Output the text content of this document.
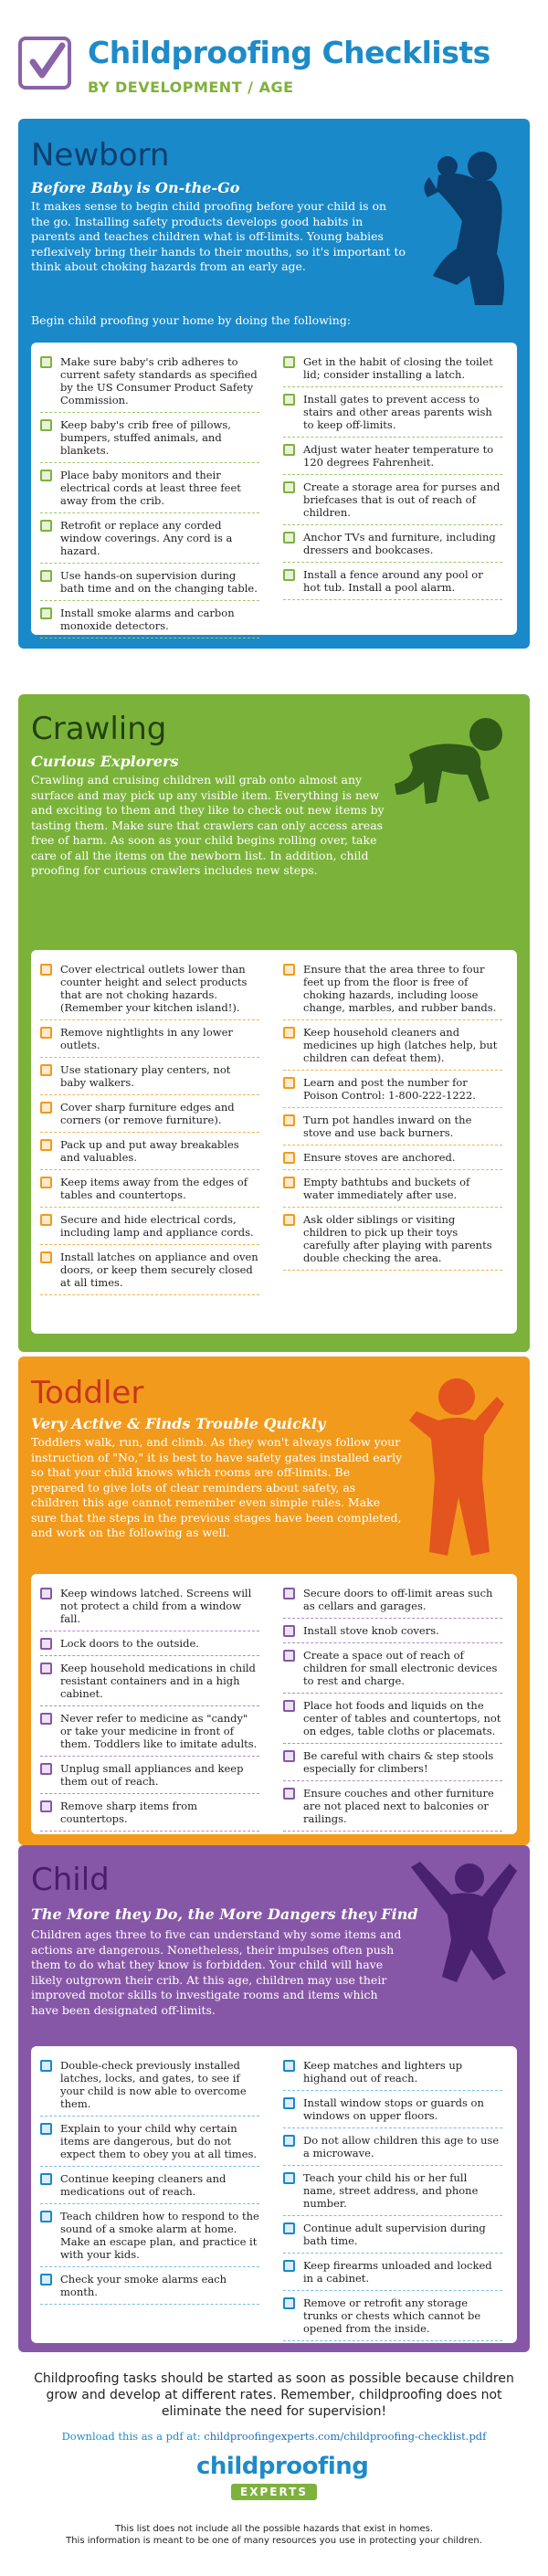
Childproofing Checklists
BY DEVELOPMENT / AGE
Newborn
Before Baby is On-the-Go
It makes sense to begin child proofing before your child is on the go. Installing safety products develops good habits in parents and teaches children what is off-limits. Young babies reflexively bring their hands to their mouths, so it's important to think about choking hazards from an early age.
Begin child proofing your home by doing the following:
Make sure baby's crib adheres to current safety standards as specified by the US Consumer Product Safety Commission.
Keep baby's crib free of pillows, bumpers, stuffed animals, and blankets.
Place baby monitors and their electrical cords at least three feet away from the crib.
Retrofit or replace any corded window coverings. Any cord is a hazard.
Use hands-on supervision during bath time and on the changing table.
Install smoke alarms and carbon monoxide detectors.
Get in the habit of closing the toilet lid; consider installing a latch.
Install gates to prevent access to stairs and other areas parents wish to keep off-limits.
Adjust water heater temperature to 120 degrees Fahrenheit.
Create a storage area for purses and briefcases that is out of reach of children.
Anchor TVs and furniture, including dressers and bookcases.
Install a fence around any pool or hot tub. Install a pool alarm.
Crawling
Curious Explorers
Crawling and cruising children will grab onto almost any surface and may pick up any visible item. Everything is new and exciting to them and they like to check out new items by tasting them. Make sure that crawlers can only access areas free of harm. As soon as your child begins rolling over, take care of all the items on the newborn list. In addition, child proofing for curious crawlers includes new steps.
Cover electrical outlets lower than counter height and select products that are not choking hazards. (Remember your kitchen island!).
Remove nightlights in any lower outlets.
Use stationary play centers, not baby walkers.
Cover sharp furniture edges and corners (or remove furniture).
Pack up and put away breakables and valuables.
Keep items away from the edges of tables and countertops.
Secure and hide electrical cords, including lamp and appliance cords.
Install latches on appliance and oven doors, or keep them securely closed at all times.
Ensure that the area three to four feet up from the floor is free of choking hazards, including loose change, marbles, and rubber bands.
Keep household cleaners and medicines up high (latches help, but children can defeat them).
Learn and post the number for Poison Control: 1-800-222-1222.
Turn pot handles inward on the stove and use back burners.
Ensure stoves are anchored.
Empty bathtubs and buckets of water immediately after use.
Ask older siblings or visiting children to pick up their toys carefully after playing with parents double checking the area.
Toddler
Very Active & Finds Trouble Quickly
Toddlers walk, run, and climb. As they won't always follow your instruction of "No," it is best to have safety gates installed early so that your child knows which rooms are off-limits. Be prepared to give lots of clear reminders about safety, as children this age cannot remember even simple rules. Make sure that the steps in the previous stages have been completed, and work on the following as well.
Keep windows latched. Screens will not protect a child from a window fall.
Lock doors to the outside.
Keep household medications in child resistant containers and in a high cabinet.
Never refer to medicine as "candy" or take your medicine in front of them. Toddlers like to imitate adults.
Unplug small appliances and keep them out of reach.
Remove sharp items from countertops.
Secure doors to off-limit areas such as cellars and garages.
Install stove knob covers.
Create a space out of reach of children for small electronic devices to rest and charge.
Place hot foods and liquids on the center of tables and countertops, not on edges, table cloths or placemats.
Be careful with chairs & step stools especially for climbers!
Ensure couches and other furniture are not placed next to balconies or railings.
Child
The More they Do, the More Dangers they Find
Children ages three to five can understand why some items and actions are dangerous. Nonetheless, their impulses often push them to do what they know is forbidden. Your child will have likely outgrown their crib. At this age, children may use their improved motor skills to investigate rooms and items which have been designated off-limits.
Double-check previously installed latches, locks, and gates, to see if your child is now able to overcome them.
Explain to your child why certain items are dangerous, but do not expect them to obey you at all times.
Continue keeping cleaners and medications out of reach.
Teach children how to respond to the sound of a smoke alarm at home. Make an escape plan, and practice it with your kids.
Check your smoke alarms each month.
Keep matches and lighters up highand out of reach.
Install window stops or guards on windows on upper floors.
Do not allow children this age to use a microwave.
Teach your child his or her full name, street address, and phone number.
Continue adult supervision during bath time.
Keep firearms unloaded and locked in a cabinet.
Remove or retrofit any storage trunks or chests which cannot be opened from the inside.
Childproofing tasks should be started as soon as possible because children grow and develop at different rates. Remember, childproofing does not eliminate the need for supervision!
Download this as a pdf at: childproofingexperts.com/childproofing-checklist.pdf
childproofing
EXPERTS
This list does not include all the possible hazards that exist in homes.
This information is meant to be one of many resources you use in protecting your children.
